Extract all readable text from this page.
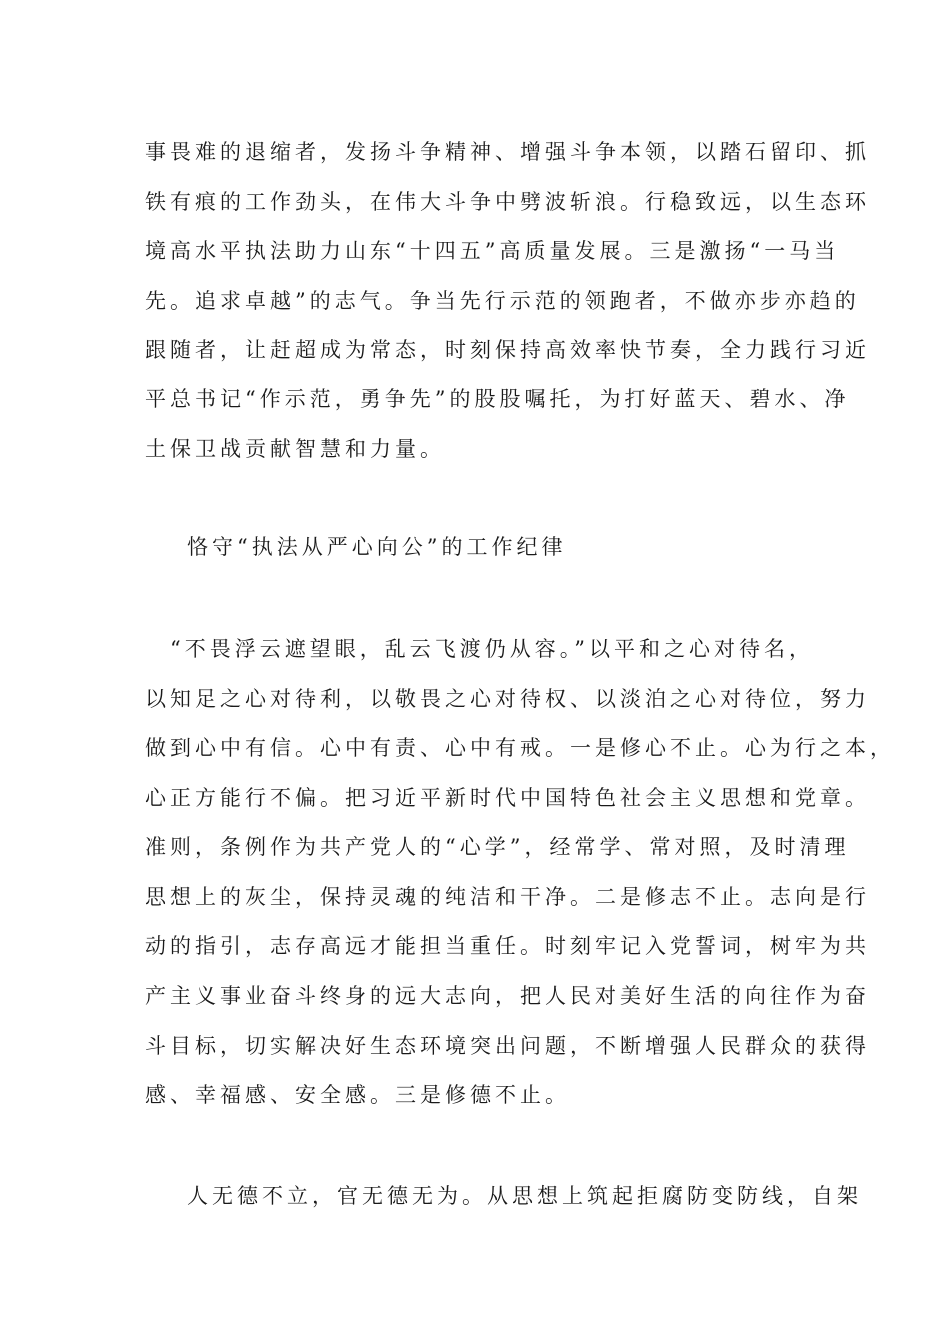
事畏难的退缩者，发扬斗争精神、增强斗争本领，以踏石留印、抓
铁有痕的工作劲头，在伟大斗争中劈波斩浪。行稳致远，以生态环
境高水平执法助力山东“十四五”高质量发展。三是激扬“一马当
先。追求卓越”的志气。争当先行示范的领跑者，不做亦步亦趋的
跟随者，让赶超成为常态，时刻保持高效率快节奏，全力践行习近
平总书记“作示范，勇争先”的股股嘱托，为打好蓝天、碧水、净
土保卫战贡献智慧和力量。
恪守“执法从严心向公”的工作纪律
“不畏浮云遮望眼，乱云飞渡仍从容。”以平和之心对待名，
以知足之心对待利，以敬畏之心对待权、以淡泊之心对待位，努力
做到心中有信。心中有责、心中有戒。一是修心不止。心为行之本，
心正方能行不偏。把习近平新时代中国特色社会主义思想和党章。
准则，条例作为共产党人的“心学”，经常学、常对照，及时清理
思想上的灰尘，保持灵魂的纯洁和干净。二是修志不止。志向是行
动的指引，志存高远才能担当重任。时刻牢记入党誓词，树牢为共
产主义事业奋斗终身的远大志向，把人民对美好生活的向往作为奋
斗目标，切实解决好生态环境突出问题，不断增强人民群众的获得
感、幸福感、安全感。三是修德不止。
人无德不立，官无德无为。从思想上筑起拒腐防变防线，自架
